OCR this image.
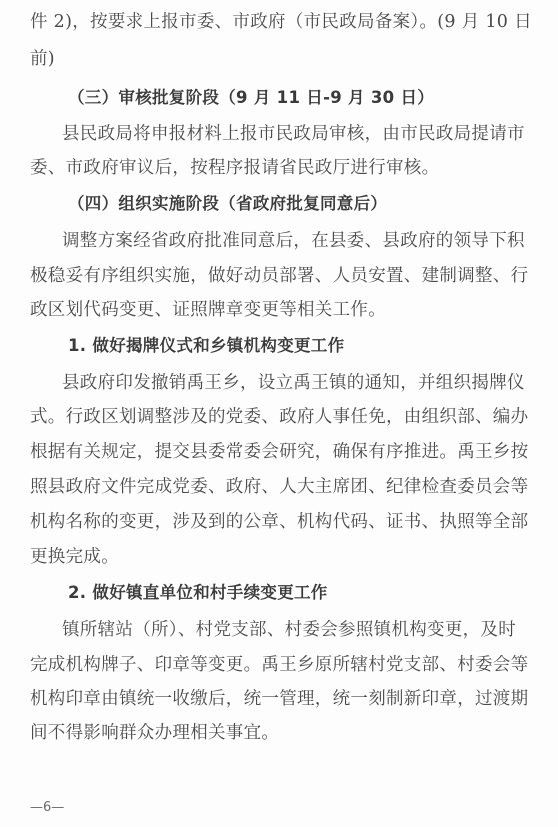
件 2)，按要求上报市委、市政府（市民政局备案）。(9 月 10 日
前)
（三）审核批复阶段（9 月 11 日-9 月 30 日）
县民政局将申报材料上报市民政局审核，由市民政局提请市
委、市政府审议后，按程序报请省民政厅进行审核。
（四）组织实施阶段（省政府批复同意后）
调整方案经省政府批准同意后，在县委、县政府的领导下积
极稳妥有序组织实施，做好动员部署、人员安置、建制调整、行
政区划代码变更、证照牌章变更等相关工作。
1. 做好揭牌仪式和乡镇机构变更工作
县政府印发撤销禹王乡，设立禹王镇的通知，并组织揭牌仪
式。行政区划调整涉及的党委、政府人事任免，由组织部、编办
根据有关规定，提交县委常委会研究，确保有序推进。禹王乡按
照县政府文件完成党委、政府、人大主席团、纪律检查委员会等
机构名称的变更，涉及到的公章、机构代码、证书、执照等全部
更换完成。
2. 做好镇直单位和村手续变更工作
镇所辖站（所）、村党支部、村委会参照镇机构变更，及时
完成机构牌子、印章等变更。禹王乡原所辖村党支部、村委会等
机构印章由镇统一收缴后，统一管理，统一刻制新印章，过渡期
间不得影响群众办理相关事宜。
—6—
